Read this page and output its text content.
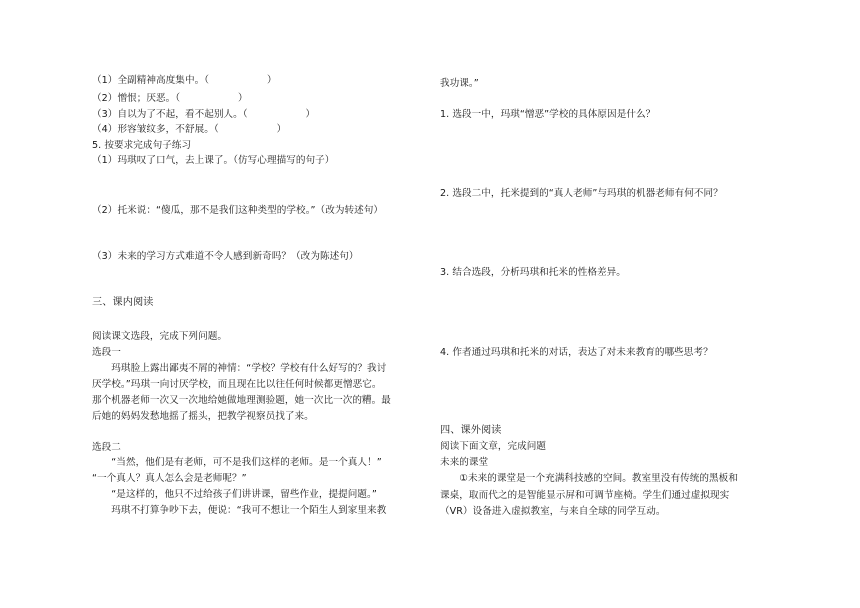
（1）全副精神高度集中。（　　　　　　）
（2）憎恨；厌恶。（　　　　　　）
（3）自以为了不起，看不起别人。（　　　　　　）
（4）形容皱纹多，不舒展。（　　　　　　）
5. 按要求完成句子练习
（1）玛琪叹了口气，去上课了。（仿写心理描写的句子）
（2）托米说：“傻瓜，那不是我们这种类型的学校。”（改为转述句）
（3）未来的学习方式难道不令人感到新奇吗？（改为陈述句）
三、课内阅读
阅读课文选段，完成下列问题。
选段一
　　玛琪脸上露出鄙夷不屑的神情：“学校？学校有什么好写的？我讨
厌学校。”玛琪一向讨厌学校，而且现在比以往任何时候都更憎恶它。
那个机器老师一次又一次地给她做地理测验题，她一次比一次的糟。最
后她的妈妈发愁地摇了摇头，把教学视察员找了来。
选段二
　　“当然，他们是有老师，可不是我们这样的老师。是一个真人！”
“一个真人？真人怎么会是老师呢？”
　　“是这样的，他只不过给孩子们讲讲课，留些作业，提提问题。”
　　玛琪不打算争吵下去，便说：“我可不想让一个陌生人到家里来教
我功课。”
1. 选段一中，玛琪“憎恶”学校的具体原因是什么？
2. 选段二中，托米提到的“真人老师”与玛琪的机器老师有何不同？
3. 结合选段，分析玛琪和托米的性格差异。
4. 作者通过玛琪和托米的对话，表达了对未来教育的哪些思考？
四、课外阅读
阅读下面文章，完成问题
未来的课堂
　　①未来的课堂是一个充满科技感的空间。教室里没有传统的黑板和
课桌，取而代之的是智能显示屏和可调节座椅。学生们通过虚拟现实
（VR）设备进入虚拟教室，与来自全球的同学互动。
